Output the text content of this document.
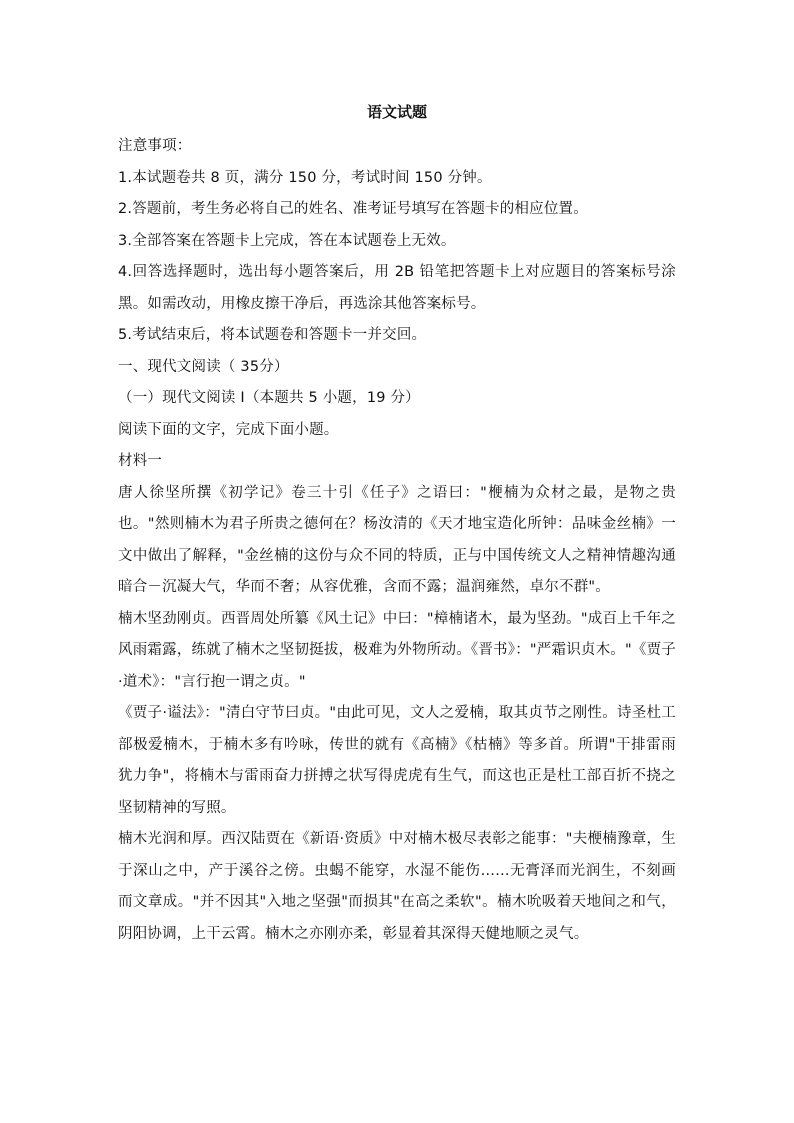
语文试题

注意事项：

1.本试题卷共 8 页，满分 150 分，考试时间 150 分钟。

2.答题前，考生务必将自己的姓名、准考证号填写在答题卡的相应位置。

3.全部答案在答题卡上完成，答在本试题卷上无效。

4.回答选择题时，选出每小题答案后，用 2B 铅笔把答题卡上对应题目的答案标号涂黑。如需改动，用橡皮擦干净后，再选涂其他答案标号。

5.考试结束后，将本试题卷和答题卡一并交回。

一、现代文阅读（ 35分）

（一）现代文阅读 I（本题共 5 小题，19 分）

阅读下面的文字，完成下面小题。

材料一

唐人徐坚所撰《初学记》卷三十引《任子》之语曰："楩楠为众材之最，是物之贵也。"然则楠木为君子所贵之德何在？杨汝清的《天才地宝造化所钟：品味金丝楠》一文中做出了解释，"金丝楠的这份与众不同的特质，正与中国传统文人之精神情趣沟通暗合－沉凝大气，华而不奢；从容优雅，含而不露；温润雍然，卓尔不群"。

楠木坚劲刚贞。西晋周处所纂《风土记》中曰："樟楠诸木，最为坚劲。"成百上千年之风雨霜露，练就了楠木之坚韧挺拔，极难为外物所动。《晋书》："严霜识贞木。"《贾子·道术》："言行抱一谓之贞。"

《贾子·谥法》："清白守节曰贞。"由此可见，文人之爱楠，取其贞节之刚性。诗圣杜工部极爱楠木，于楠木多有吟咏，传世的就有《高楠》《枯楠》等多首。所谓"干排雷雨犹力争"，将楠木与雷雨奋力拼搏之状写得虎虎有生气，而这也正是杜工部百折不挠之坚韧精神的写照。

楠木光润和厚。西汉陆贾在《新语·资质》中对楠木极尽表彰之能事："夫楩楠豫章，生于深山之中，产于溪谷之傍。虫蝎不能穿，水湿不能伤……无膏泽而光润生，不刻画而文章成。"并不因其"入地之坚强"而损其"在高之柔软"。楠木吮吸着天地间之和气，阴阳协调，上干云霄。楠木之亦刚亦柔，彰显着其深得天健地顺之灵气。
